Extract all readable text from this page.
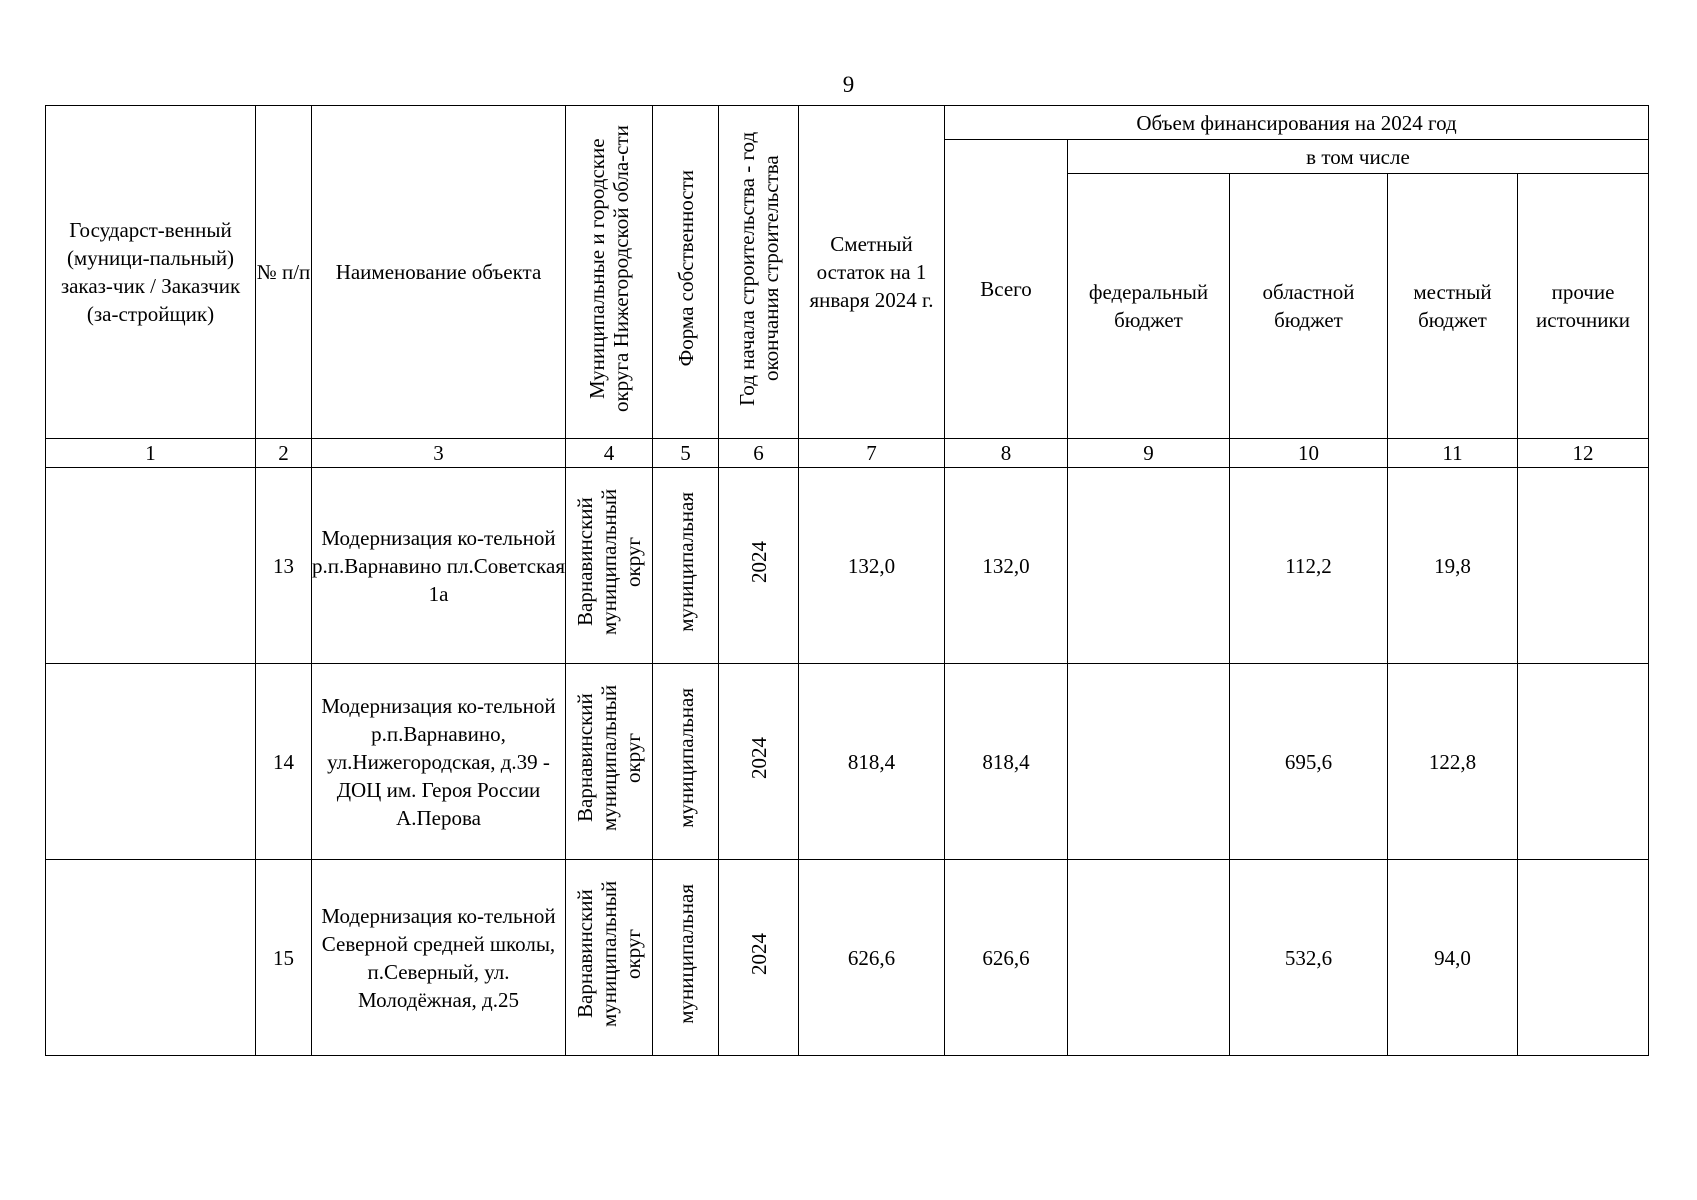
9
Государст-венный (муници-пальный) заказ-чик / Заказчик (за-стройщик)	№ п/п	Наименование объекта	Муниципальные и городские округа Нижегородской обла-сти	Форма собственности	Год начала строительства - год окончания строительства	Сметный остаток на 1 января 2024 г.	Объем финансирования на 2024 год				
							Всего	в том числе			
								федеральный бюджет	областной бюджет	местный бюджет	прочие источники
1	2	3	4	5	6	7	8	9	10	11	12
	13	Модернизация ко-тельной р.п.Варнавино пл.Советская 1а	Варнавинский муниципальный округ	муниципальная	2024	132,0	132,0		112,2	19,8	
	14	Модернизация ко-тельной р.п.Варнавино, ул.Нижегородская, д.39 - ДОЦ им. Героя России А.Перова	Варнавинский муниципальный округ	муниципальная	2024	818,4	818,4		695,6	122,8	
	15	Модернизация ко-тельной Северной средней школы, п.Северный, ул. Молодёжная, д.25	Варнавинский муниципальный округ	муниципальная	2024	626,6	626,6		532,6	94,0	
